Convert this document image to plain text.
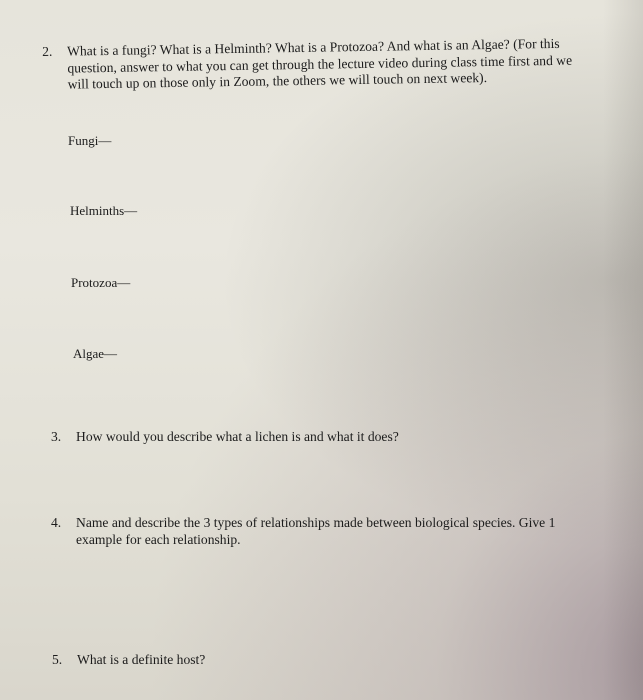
2. What is a fungi? What is a Helminth? What is a Protozoa? And what is an Algae? (For this
question, answer to what you can get through the lecture video during class time first and we
will touch up on those only in Zoom, the others we will touch on next week).
Fungi—
Helminths—
Protozoa—
Algae—
3. How would you describe what a lichen is and what it does?
4. Name and describe the 3 types of relationships made between biological species. Give 1
example for each relationship.
5. What is a definite host?
